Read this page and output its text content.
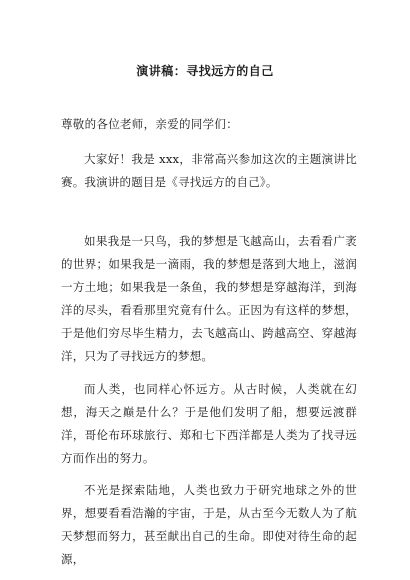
演讲稿：寻找远方的自己
尊敬的各位老师，亲爱的同学们：
大家好！我是 xxx，非常高兴参加这次的主题演讲比赛。我演讲的题目是《寻找远方的自己》。
如果我是一只鸟，我的梦想是飞越高山，去看看广袤的世界；如果我是一滴雨，我的梦想是落到大地上，滋润一方土地；如果我是一条鱼，我的梦想是穿越海洋，到海洋的尽头，看看那里究竟有什么。正因为有这样的梦想，于是他们穷尽毕生精力，去飞越高山、跨越高空、穿越海洋，只为了寻找远方的梦想。
而人类，也同样心怀远方。从古时候，人类就在幻想，海天之巅是什么？于是他们发明了船，想要远渡群洋，哥伦布环球旅行、郑和七下西洋都是人类为了找寻远方而作出的努力。
不光是探索陆地，人类也致力于研究地球之外的世界，想要看看浩瀚的宇宙，于是，从古至今无数人为了航天梦想而努力，甚至献出自己的生命。即使对待生命的起源，
